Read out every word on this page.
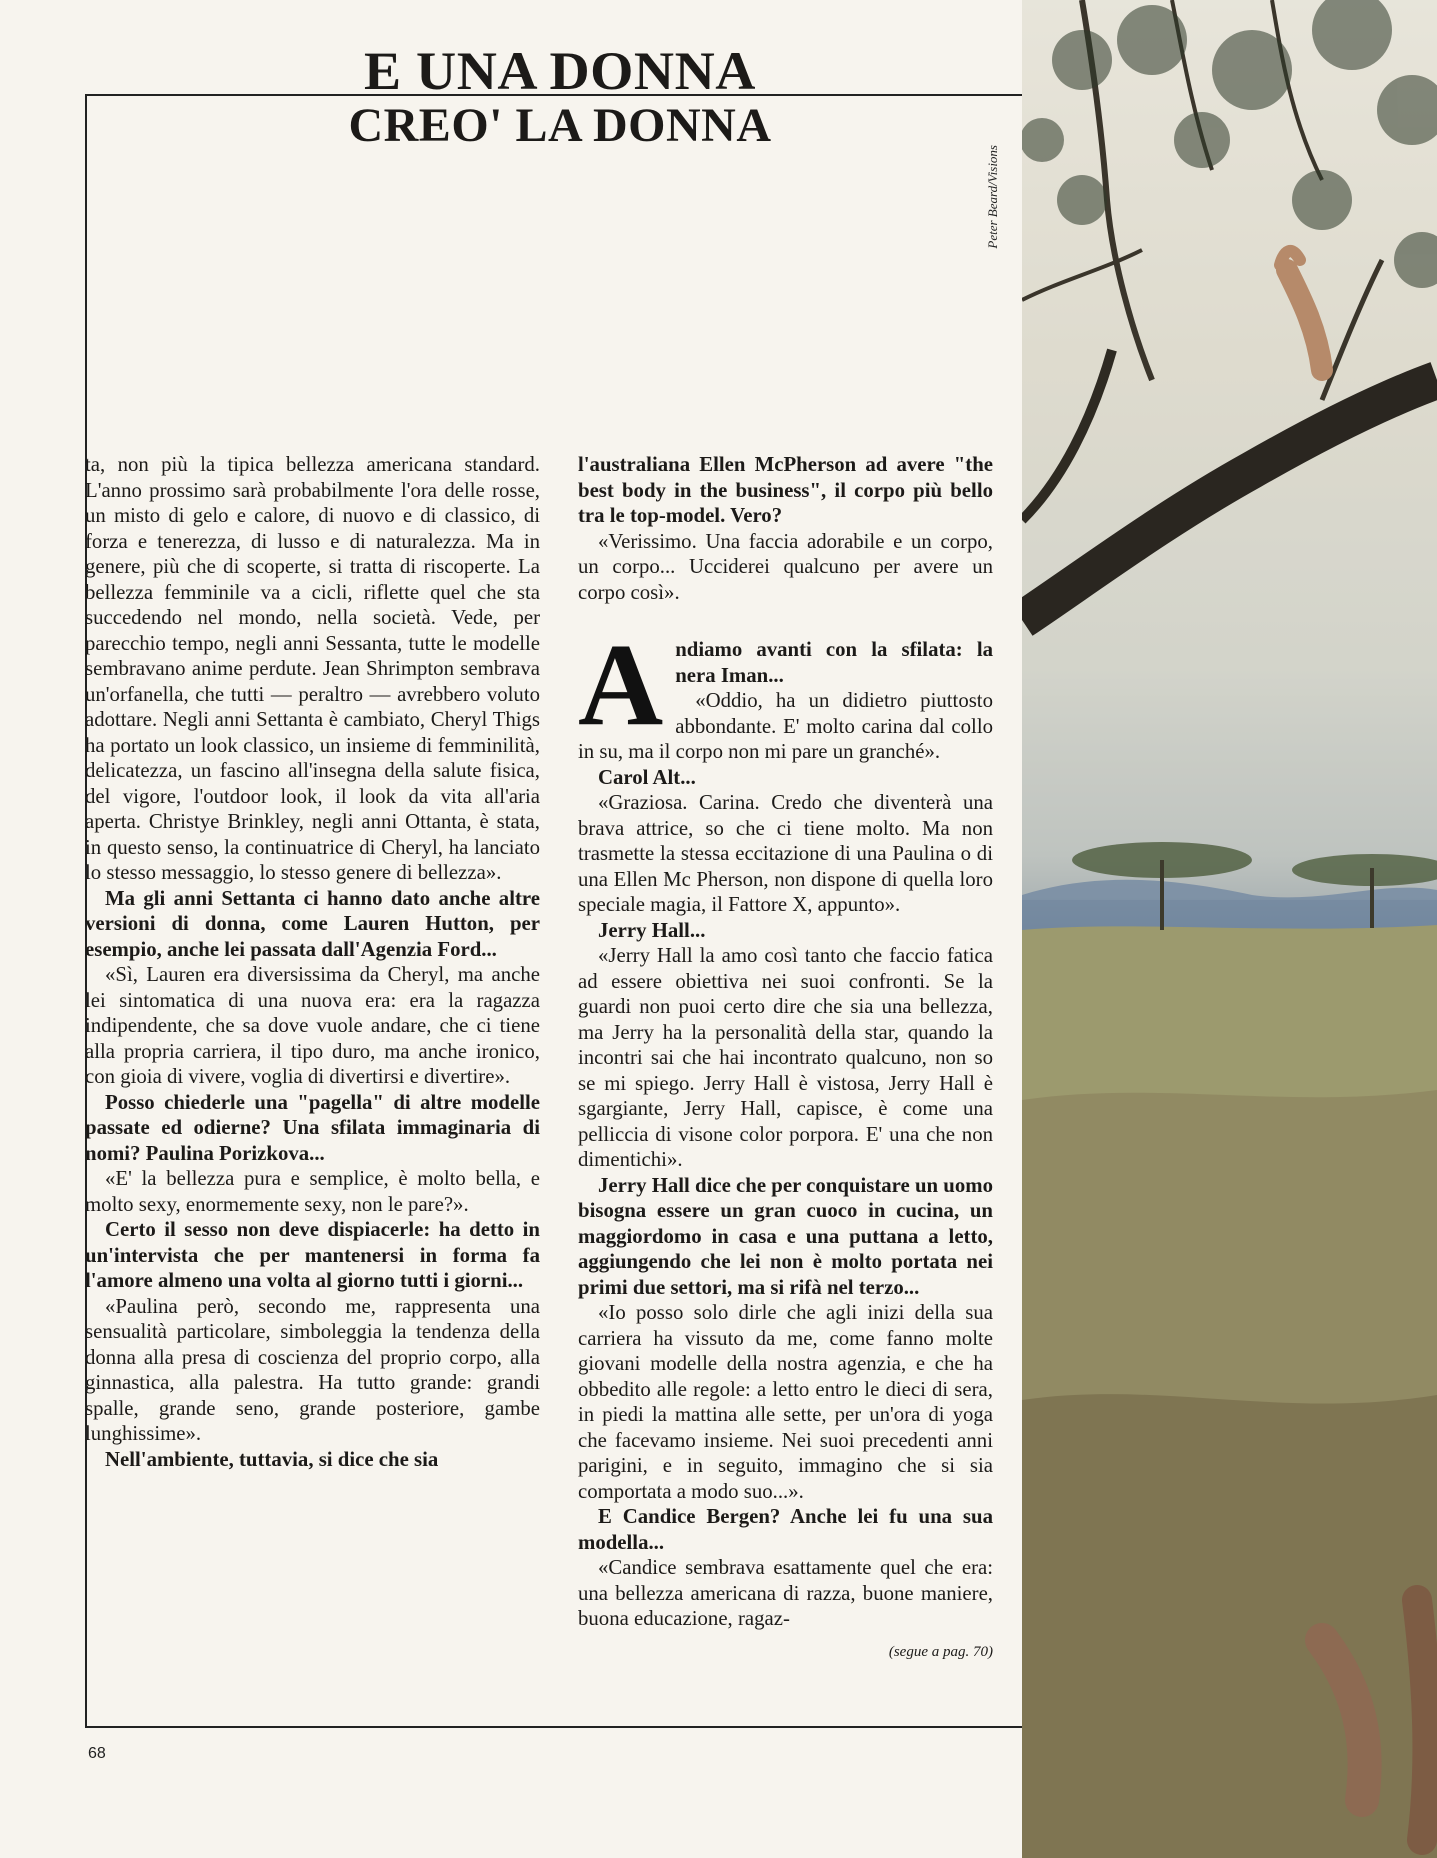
E UNA DONNA
CREO' LA DONNA
Peter Beard/Visions

ta, non più la tipica bellezza americana standard. L'anno prossimo sarà probabilmente l'ora delle rosse, un misto di gelo e calore, di nuovo e di classico, di forza e tenerezza, di lusso e di naturalezza. Ma in genere, più che di scoperte, si tratta di riscoperte. La bellezza femminile va a cicli, riflette quel che sta succedendo nel mondo, nella società. Vede, per parecchio tempo, negli anni Sessanta, tutte le modelle sembravano anime perdute. Jean Shrimpton sembrava un'orfanella, che tutti — peraltro — avrebbero voluto adottare. Negli anni Settanta è cambiato, Cheryl Thigs ha portato un look classico, un insieme di femminilità, delicatezza, un fascino all'insegna della salute fisica, del vigore, l'outdoor look, il look da vita all'aria aperta. Christye Brinkley, negli anni Ottanta, è stata, in questo senso, la continuatrice di Cheryl, ha lanciato lo stesso messaggio, lo stesso genere di bellezza».

Ma gli anni Settanta ci hanno dato anche altre versioni di donna, come Lauren Hutton, per esempio, anche lei passata dall'Agenzia Ford...

«Sì, Lauren era diversissima da Cheryl, ma anche lei sintomatica di una nuova era: era la ragazza indipendente, che sa dove vuole andare, che ci tiene alla propria carriera, il tipo duro, ma anche ironico, con gioia di vivere, voglia di divertirsi e divertire».

Posso chiederle una "pagella" di altre modelle passate ed odierne? Una sfilata immaginaria di nomi? Paulina Porizkova...

«E' la bellezza pura e semplice, è molto bella, e molto sexy, enormemente sexy, non le pare?».

Certo il sesso non deve dispiacerle: ha detto in un'intervista che per mantenersi in forma fa l'amore almeno una volta al giorno tutti i giorni...

«Paulina però, secondo me, rappresenta una sensualità particolare, simboleggia la tendenza della donna alla presa di coscienza del proprio corpo, alla ginnastica, alla palestra. Ha tutto grande: grandi spalle, grande seno, grande posteriore, gambe lunghissime».

Nell'ambiente, tuttavia, si dice che sia

l'australiana Ellen McPherson ad avere "the best body in the business", il corpo più bello tra le top-model. Vero?

«Verissimo. Una faccia adorabile e un corpo, un corpo... Ucciderei qualcuno per avere un corpo così».

A ndiamo avanti con la sfilata: la nera Iman...

«Oddio, ha un didietro piuttosto abbondante. E' molto carina dal collo in su, ma il corpo non mi pare un granché».

Carol Alt...

«Graziosa. Carina. Credo che diventerà una brava attrice, so che ci tiene molto. Ma non trasmette la stessa eccitazione di una Paulina o di una Ellen Mc Pherson, non dispone di quella loro speciale magia, il Fattore X, appunto».

Jerry Hall...

«Jerry Hall la amo così tanto che faccio fatica ad essere obiettiva nei suoi confronti. Se la guardi non puoi certo dire che sia una bellezza, ma Jerry ha la personalità della star, quando la incontri sai che hai incontrato qualcuno, non so se mi spiego. Jerry Hall è vistosa, Jerry Hall è sgargiante, Jerry Hall, capisce, è come una pelliccia di visone color porpora. E' una che non dimentichi».

Jerry Hall dice che per conquistare un uomo bisogna essere un gran cuoco in cucina, un maggiordomo in casa e una puttana a letto, aggiungendo che lei non è molto portata nei primi due settori, ma si rifà nel terzo...

«Io posso solo dirle che agli inizi della sua carriera ha vissuto da me, come fanno molte giovani modelle della nostra agenzia, e che ha obbedito alle regole: a letto entro le dieci di sera, in piedi la mattina alle sette, per un'ora di yoga che facevamo insieme. Nei suoi precedenti anni parigini, e in seguito, immagino che si sia comportata a modo suo...».

E Candice Bergen? Anche lei fu una sua modella...

«Candice sembrava esattamente quel che era: una bellezza americana di razza, buone maniere, buona educazione, ragaz-

(segue a pag. 70)
68
